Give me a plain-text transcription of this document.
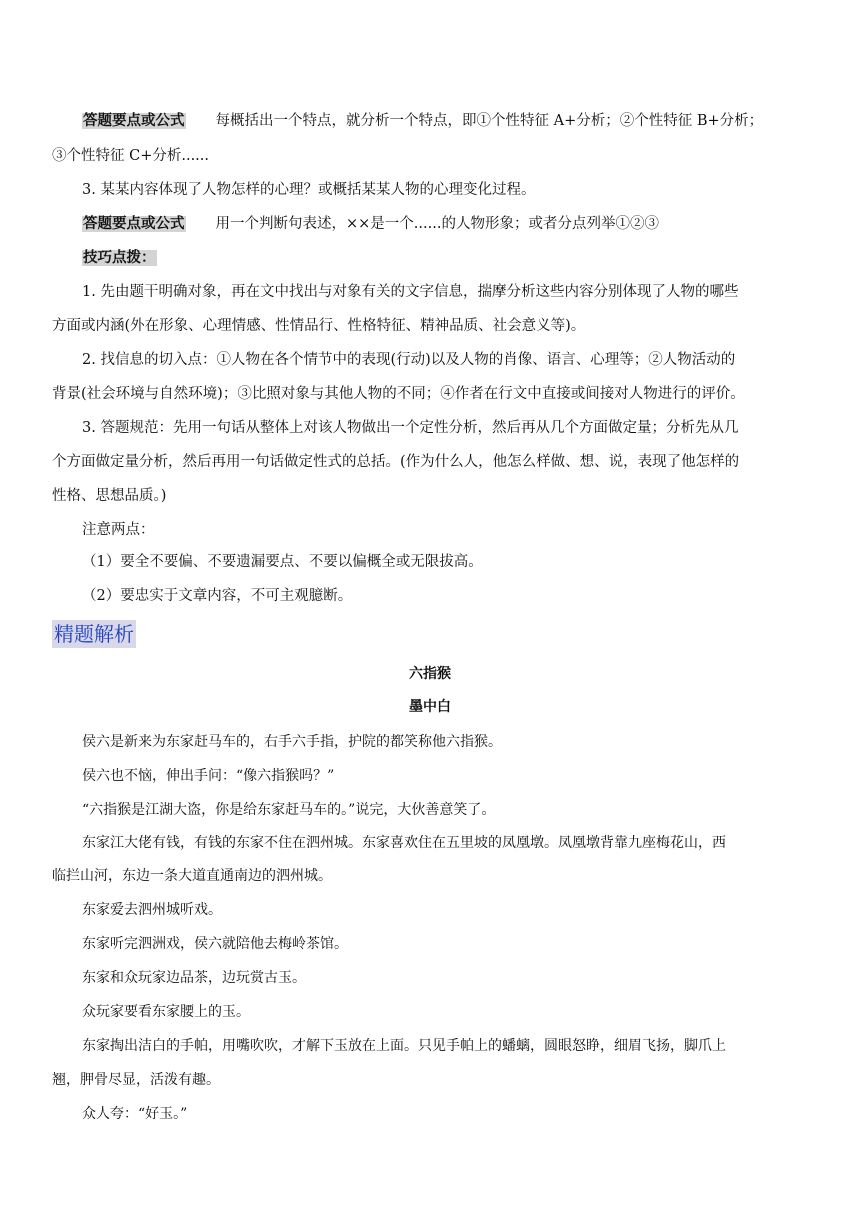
答题要点或公式 每概括出一个特点，就分析一个特点，即①个性特征 A+分析；②个性特征 B+分析；
③个性特征 C+分析......
3. 某某内容体现了人物怎样的心理？或概括某某人物的心理变化过程。
答题要点或公式 用一个判断句表述，××是一个......的人物形象；或者分点列举①②③
技巧点拨：
1. 先由题干明确对象，再在文中找出与对象有关的文字信息，揣摩分析这些内容分别体现了人物的哪些
方面或内涵(外在形象、心理情感、性情品行、性格特征、精神品质、社会意义等)。
2. 找信息的切入点：①人物在各个情节中的表现(行动)以及人物的肖像、语言、心理等；②人物活动的
背景(社会环境与自然环境)；③比照对象与其他人物的不同；④作者在行文中直接或间接对人物进行的评价。
3. 答题规范：先用一句话从整体上对该人物做出一个定性分析，然后再从几个方面做定量；分析先从几
个方面做定量分析，然后再用一句话做定性式的总括。(作为什么人，他怎么样做、想、说，表现了他怎样的
性格、思想品质。)
注意两点：
（1）要全不要偏、不要遗漏要点、不要以偏概全或无限拔高。
（2）要忠实于文章内容，不可主观臆断。
精题解析
六指猴
墨中白
侯六是新来为东家赶马车的，右手六手指，护院的都笑称他六指猴。
侯六也不恼，伸出手问：“像六指猴吗？”
“六指猴是江湖大盗，你是给东家赶马车的。”说完，大伙善意笑了。
东家江大佬有钱，有钱的东家不住在泗州城。东家喜欢住在五里坡的凤凰墩。凤凰墩背靠九座梅花山，西
临拦山河，东边一条大道直通南边的泗州城。
东家爱去泗州城听戏。
东家听完泗洲戏，侯六就陪他去梅岭茶馆。
东家和众玩家边品茶，边玩赏古玉。
众玩家要看东家腰上的玉。
东家掏出洁白的手帕，用嘴吹吹，才解下玉放在上面。只见手帕上的蟠螭，圆眼怒睁，细眉飞扬，脚爪上
翘，胛骨尽显，活泼有趣。
众人夸：“好玉。”
